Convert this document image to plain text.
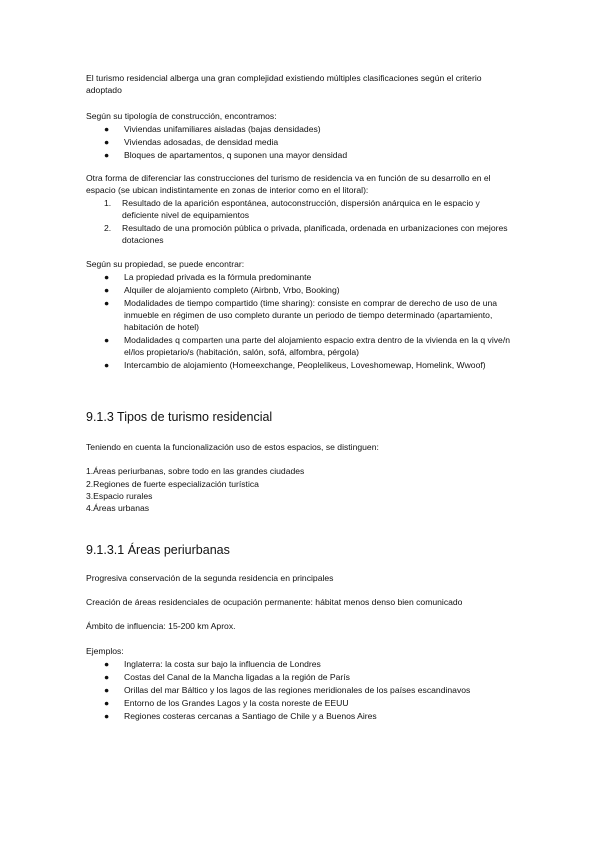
El turismo residencial alberga una gran complejidad existiendo múltiples clasificaciones según el criterio adoptado
Según su tipología de construcción, encontramos:
● Viviendas unifamiliares aisladas (bajas densidades)
● Viviendas adosadas, de densidad media
● Bloques de apartamentos, q suponen una mayor densidad
Otra forma de diferenciar las construcciones del turismo de residencia va en función de su desarrollo en el espacio (se ubican indistintamente en zonas de interior como en el litoral):
1. Resultado de la aparición espontánea, autoconstrucción, dispersión anárquica en le espacio y deficiente nivel de equipamientos
2. Resultado de una promoción pública o privada, planificada, ordenada en urbanizaciones con mejores dotaciones
Según su propiedad, se puede encontrar:
● La propiedad privada es la fórmula predominante
● Alquiler de alojamiento completo (Airbnb, Vrbo, Booking)
● Modalidades de tiempo compartido (time sharing): consiste en comprar de derecho de uso de una inmueble en régimen de uso completo durante un periodo de tiempo determinado (apartamiento, habitación de hotel)
● Modalidades q comparten una parte del alojamiento espacio extra dentro de la vivienda en la q vive/n el/los propietario/s (habitación, salón, sofá, alfombra, pérgola)
● Intercambio de alojamiento (Homeexchange, Peoplelikeus, Loveshomewap, Homelink, Wwoof)
9.1.3 Tipos de turismo residencial
Teniendo en cuenta la funcionalización uso de estos espacios, se distinguen:
1.Áreas periurbanas, sobre todo en las grandes ciudades
2.Regiones de fuerte especialización turística
3.Espacio rurales
4.Áreas urbanas
9.1.3.1 Áreas periurbanas
Progresiva conservación de la segunda residencia en principales
Creación de áreas residenciales de ocupación permanente: hábitat menos denso bien comunicado
Ámbito de influencia: 15-200 km Aprox.
Ejemplos:
● Inglaterra: la costa sur bajo la influencia de Londres
● Costas del Canal de la Mancha ligadas a la región de París
● Orillas del mar Báltico y los lagos de las regiones meridionales de los países escandinavos
● Entorno de los Grandes Lagos y la costa noreste de EEUU
● Regiones costeras cercanas a Santiago de Chile y a Buenos Aires
